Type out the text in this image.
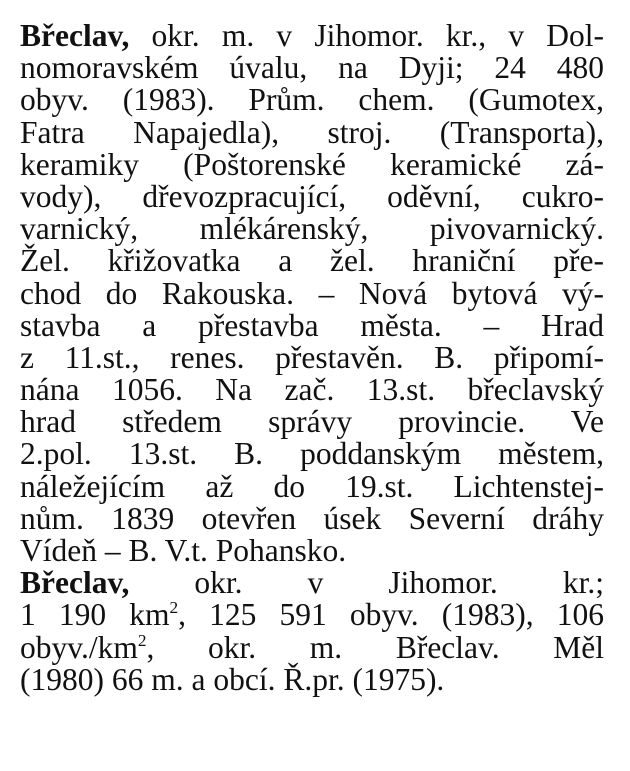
Břeclav, okr. m. v Jihomor. kr., v Dol-
nomoravském úvalu, na Dyji; 24 480
obyv. (1983). Prům. chem. (Gumotex,
Fatra Napajedla), stroj. (Transporta),
keramiky (Poštorenské keramické zá-
vody), dřevozpracující, oděvní, cukro-
varnický, mlékárenský, pivovarnický.
Žel. křižovatka a žel. hraniční pře-
chod do Rakouska. – Nová bytová vý-
stavba a přestavba města. – Hrad
z 11.st., renes. přestavěn. B. připomí-
nána 1056. Na zač. 13.st. břeclavský
hrad středem správy provincie. Ve
2.pol. 13.st. B. poddanským městem,
náležejícím až do 19.st. Lichtenstej-
nům. 1839 otevřen úsek Severní dráhy
Vídeň – B. V.t. Pohansko.
Břeclav, okr. v Jihomor. kr.;
1 190 $km^2$, 125 591 obyv. (1983), 106
$obyv./km^2$, okr. m. Břeclav. Měl
(1980) 66 m. a obcí. Ř.pr. (1975).
